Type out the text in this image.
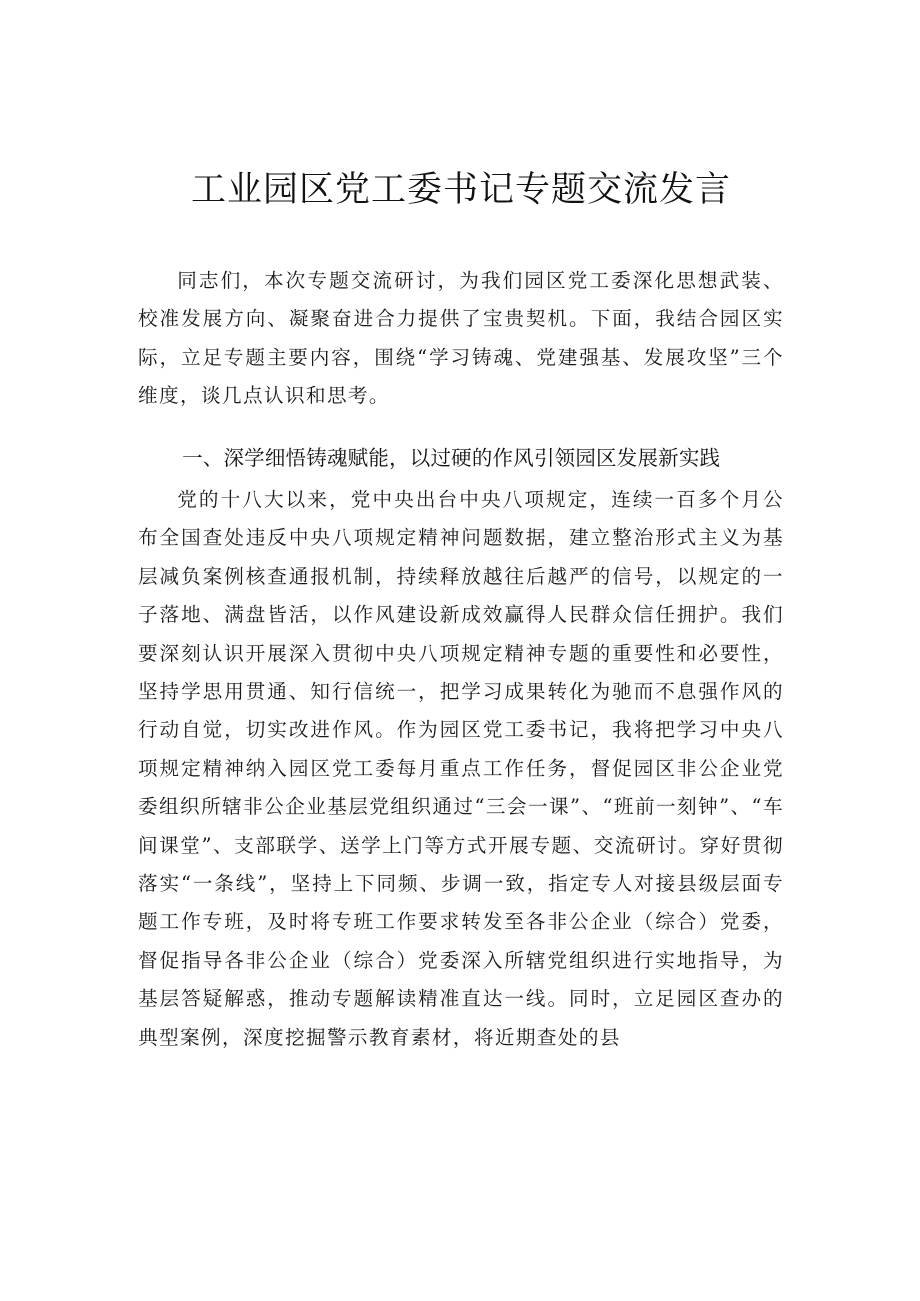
工业园区党工委书记专题交流发言

同志们，本次专题交流研讨，为我们园区党工委深化思想武装、校准发展方向、凝聚奋进合力提供了宝贵契机。下面，我结合园区实际，立足专题主要内容，围绕“学习铸魂、党建强基、发展攻坚”三个维度，谈几点认识和思考。

一、深学细悟铸魂赋能，以过硬的作风引领园区发展新实践

党的十八大以来，党中央出台中央八项规定，连续一百多个月公布全国查处违反中央八项规定精神问题数据，建立整治形式主义为基层减负案例核查通报机制，持续释放越往后越严的信号，以规定的一子落地、满盘皆活，以作风建设新成效赢得人民群众信任拥护。我们要深刻认识开展深入贯彻中央八项规定精神专题的重要性和必要性，坚持学思用贯通、知行信统一，把学习成果转化为驰而不息强作风的行动自觉，切实改进作风。作为园区党工委书记，我将把学习中央八项规定精神纳入园区党工委每月重点工作任务，督促园区非公企业党委组织所辖非公企业基层党组织通过“三会一课”、“班前一刻钟”、“车间课堂”、支部联学、送学上门等方式开展专题、交流研讨。穿好贯彻落实“一条线”，坚持上下同频、步调一致，指定专人对接县级层面专题工作专班，及时将专班工作要求转发至各非公企业（综合）党委，督促指导各非公企业（综合）党委深入所辖党组织进行实地指导，为基层答疑解惑，推动专题解读精准直达一线。同时，立足园区查办的典型案例，深度挖掘警示教育素材，将近期查处的县
